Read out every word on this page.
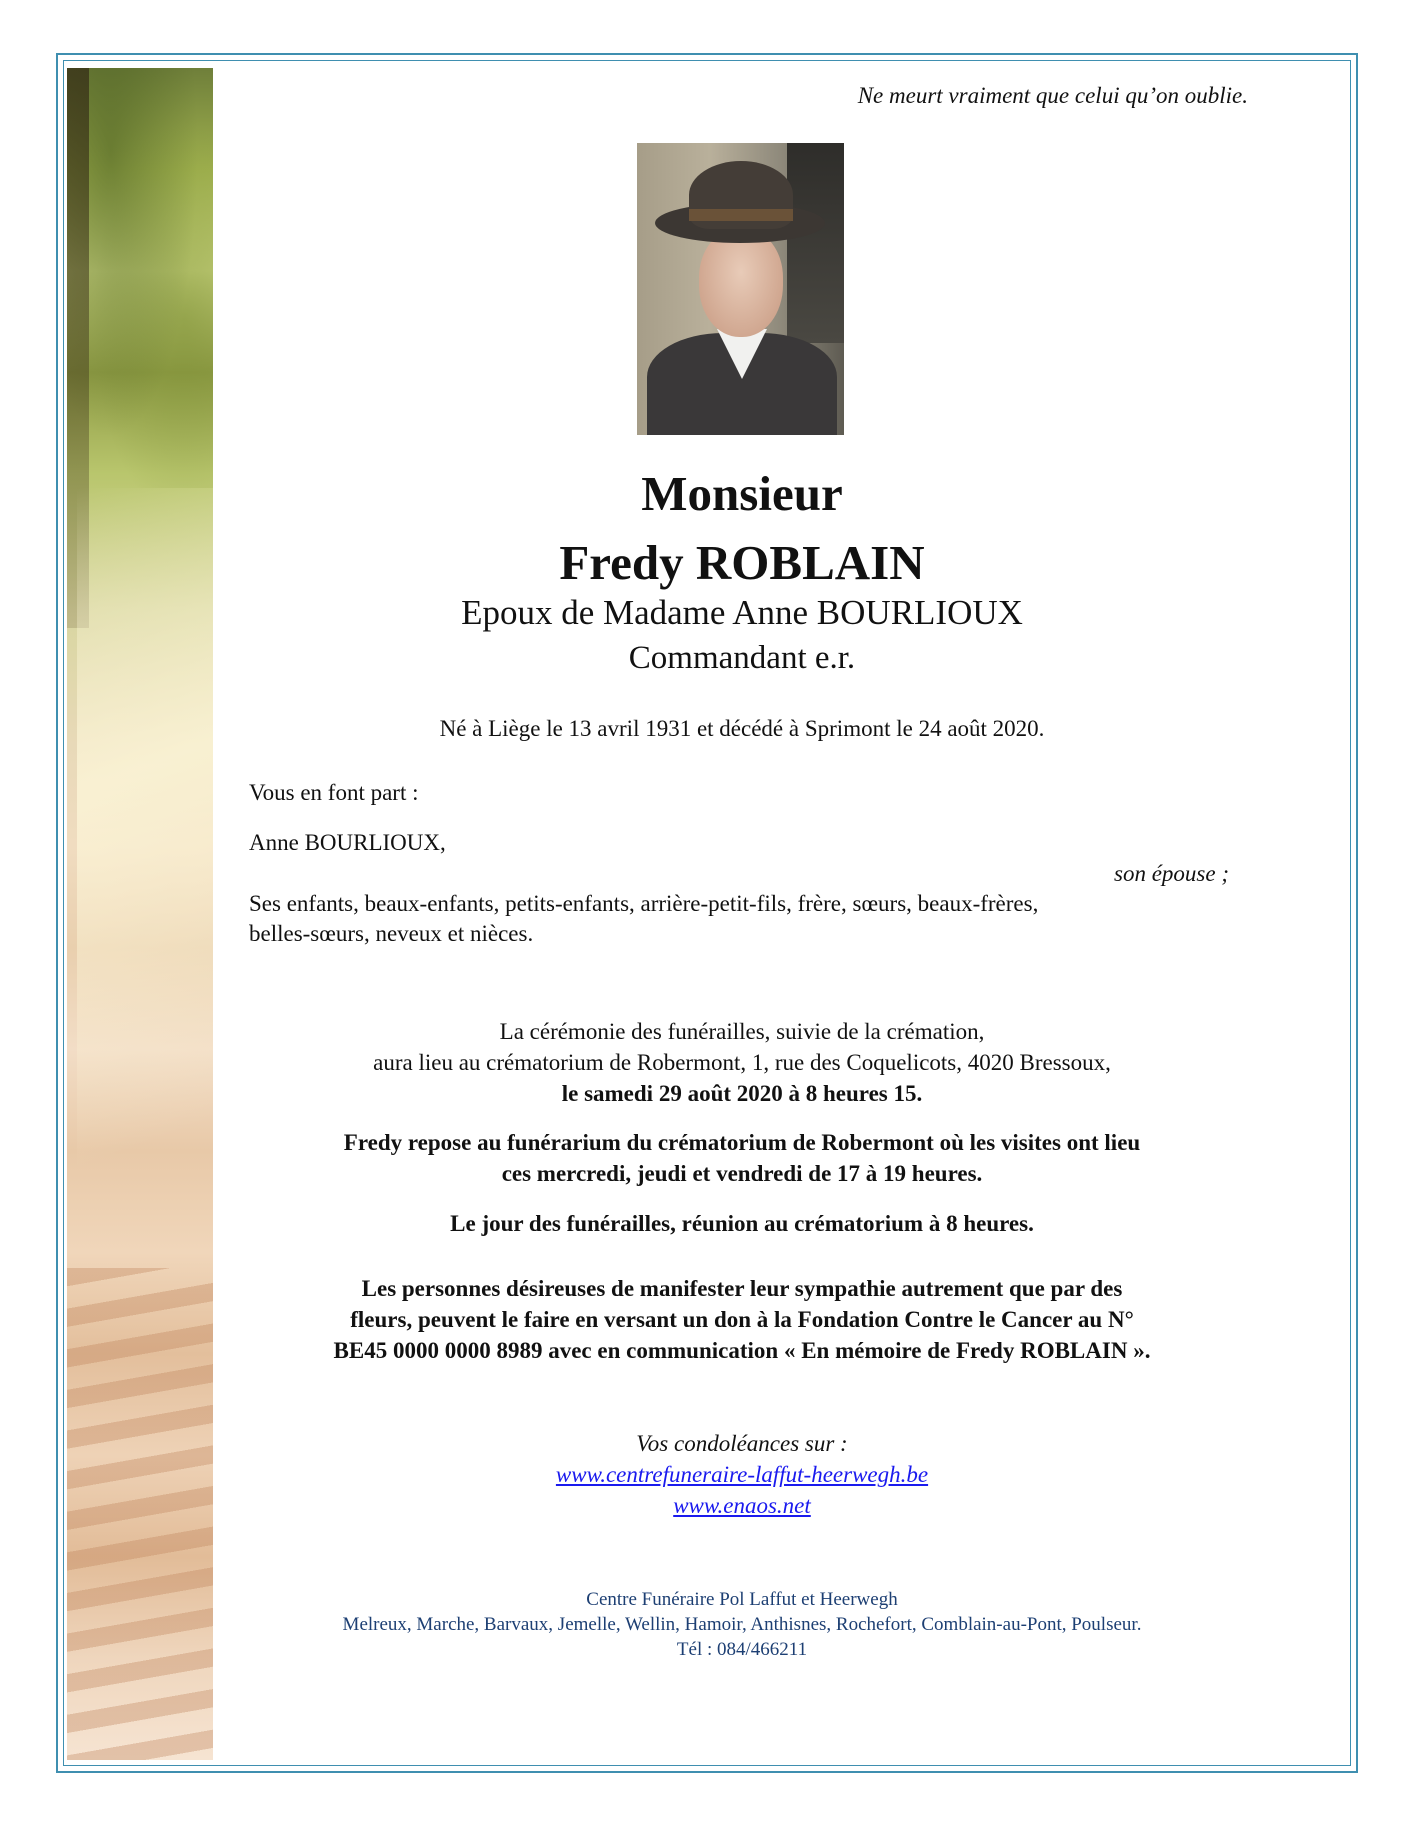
Ne meurt vraiment que celui qu’on oublie.
Monsieur
Fredy ROBLAIN
Epoux de Madame Anne BOURLIOUX
Commandant e.r.
Né à Liège le 13 avril 1931 et décédé à Sprimont le 24 août 2020.
Vous en font part :
Anne BOURLIOUX,
son épouse ;
Ses enfants, beaux-enfants, petits-enfants, arrière-petit-fils, frère, sœurs, beaux-frères,
belles-sœurs, neveux et nièces.
La cérémonie des funérailles, suivie de la crémation,
aura lieu au crématorium de Robermont, 1, rue des Coquelicots, 4020 Bressoux,
le samedi 29 août 2020 à 8 heures 15.
Fredy repose au funérarium du crématorium de Robermont où les visites ont lieu
ces mercredi, jeudi et vendredi de 17 à 19 heures.
Le jour des funérailles, réunion au crématorium à 8 heures.
Les personnes désireuses de manifester leur sympathie autrement que par des
fleurs, peuvent le faire en versant un don à la Fondation Contre le Cancer au N°
BE45 0000 0000 8989 avec en communication « En mémoire de Fredy ROBLAIN ».
Vos condoléances sur :
www.centrefuneraire-laffut-heerwegh.be
www.enaos.net
Centre Funéraire Pol Laffut et Heerwegh
Melreux, Marche, Barvaux, Jemelle, Wellin, Hamoir, Anthisnes, Rochefort, Comblain-au-Pont, Poulseur.
Tél : 084/466211
